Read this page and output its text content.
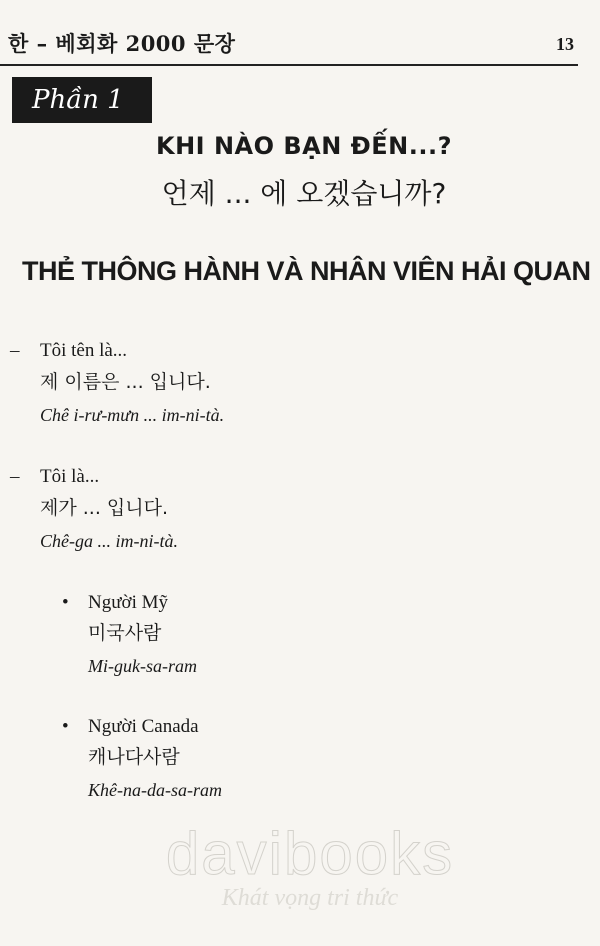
한 – 베회화 2000 문장	13
Phần 1
KHI NÀO BẠN ĐẾN...?
언제 ... 에 오겠습니까?
THẺ THÔNG HÀNH VÀ NHÂN VIÊN HẢI QUAN
– Tôi tên là...
제 이름은 ... 입니다.
Chê i-rư-mưn ... im-ni-tà.
– Tôi là...
제가 ... 입니다.
Chê-ga ... im-ni-tà.
• Người Mỹ
미국사람
Mi-guk-sa-ram
• Người Canada
캐나다사람
Khê-na-da-sa-ram
davibooks
Khát vọng tri thức
